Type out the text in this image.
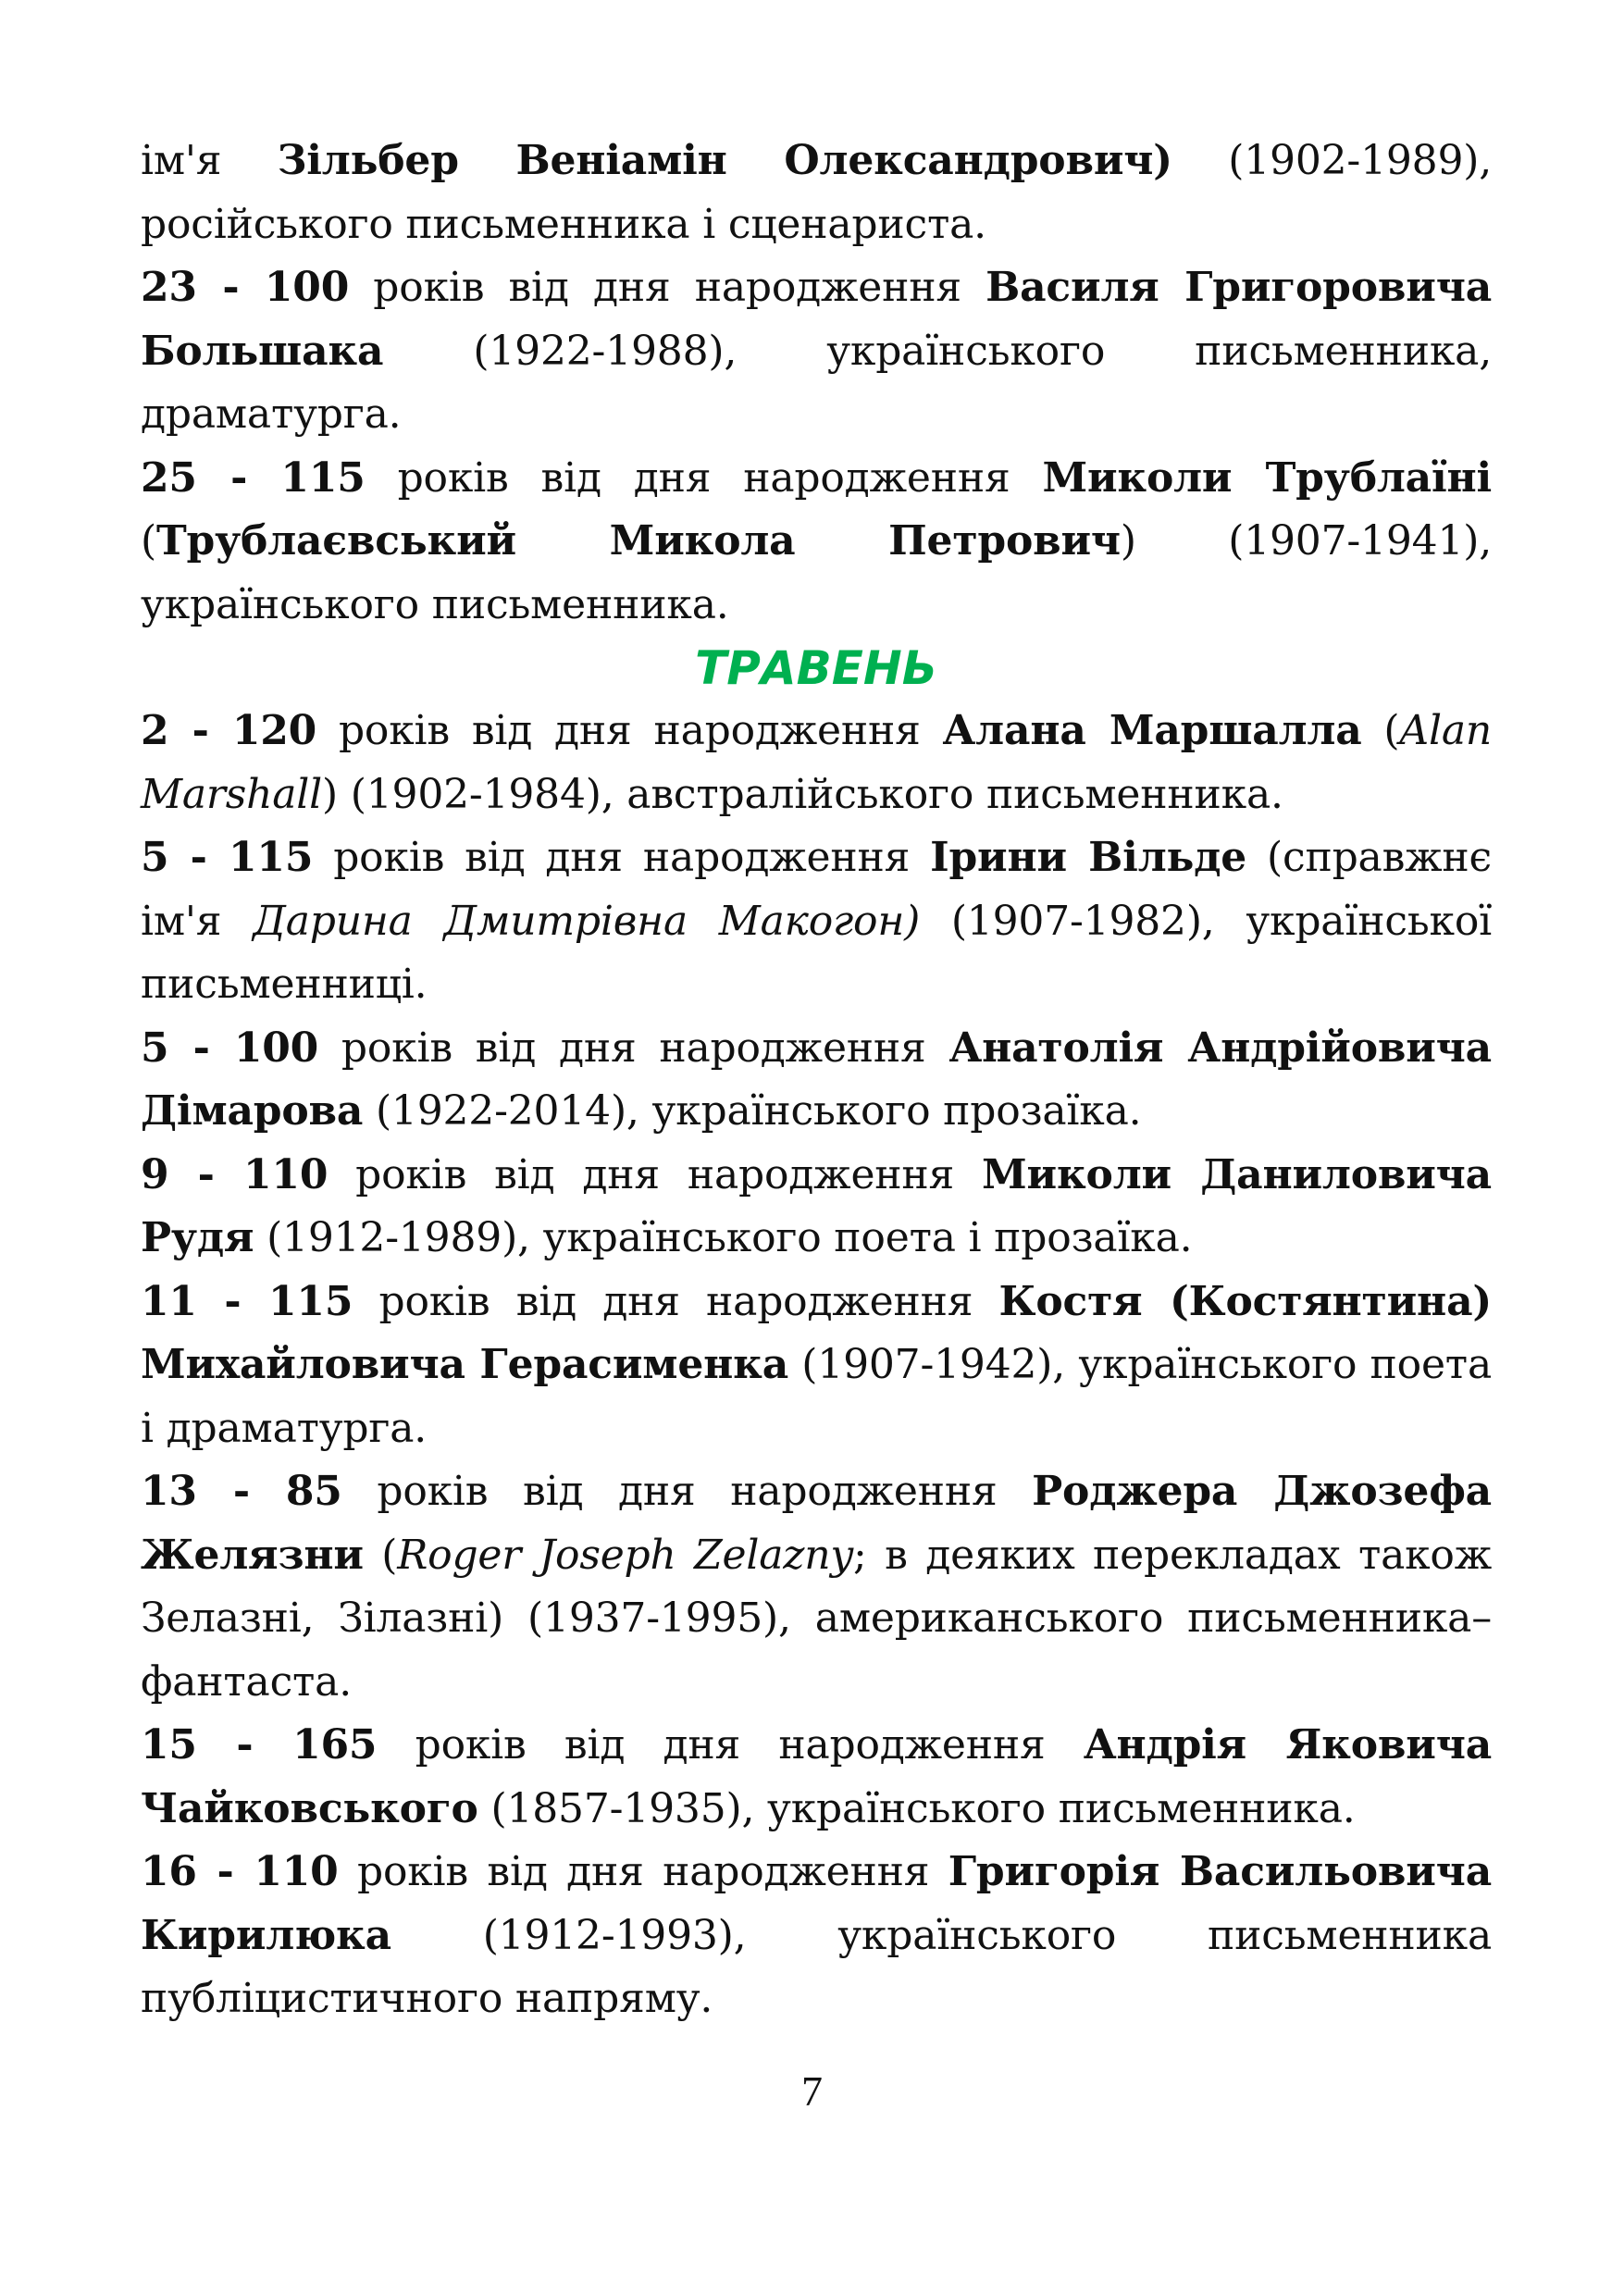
ім'я Зільбер Веніамін Олександрович) (1902-1989), російського письменника і сценариста.

23 - 100 років від дня народження Василя Григоровича Большака (1922-1988), українського письменника, драматурга.

25 - 115 років від дня народження Миколи Трублаїні (Трублаєвський Микола Петрович) (1907-1941), українського письменника.

ТРАВЕНЬ

2 - 120 років від дня народження Алана Маршалла (Alan Marshall) (1902-1984), австралійського письменника.

5 - 115 років від дня народження Ірини Вільде (справжнє ім'я Дарина Дмитрівна Макогон) (1907-1982), української письменниці.

5 - 100 років від дня народження Анатолія Андрійовича Дімарова (1922-2014), українського прозаїка.

9 - 110 років від дня народження Миколи Даниловича Рудя (1912-1989), українського поета і прозаїка.

11 - 115 років від дня народження Костя (Костянтина) Михайловича Герасименка (1907-1942), українського поета і драматурга.

13 - 85 років від дня народження Роджера Джозефа Желязни (Roger Joseph Zelazny; в деяких перекладах також Зелазні, Зілазні) (1937-1995), американського письменника–фантаста.

15 - 165 років від дня народження Андрія Яковича Чайковського (1857-1935), українського письменника.

16 - 110 років від дня народження Григорія Васильовича Кирилюка (1912-1993), українського письменника публіцистичного напряму.

7
